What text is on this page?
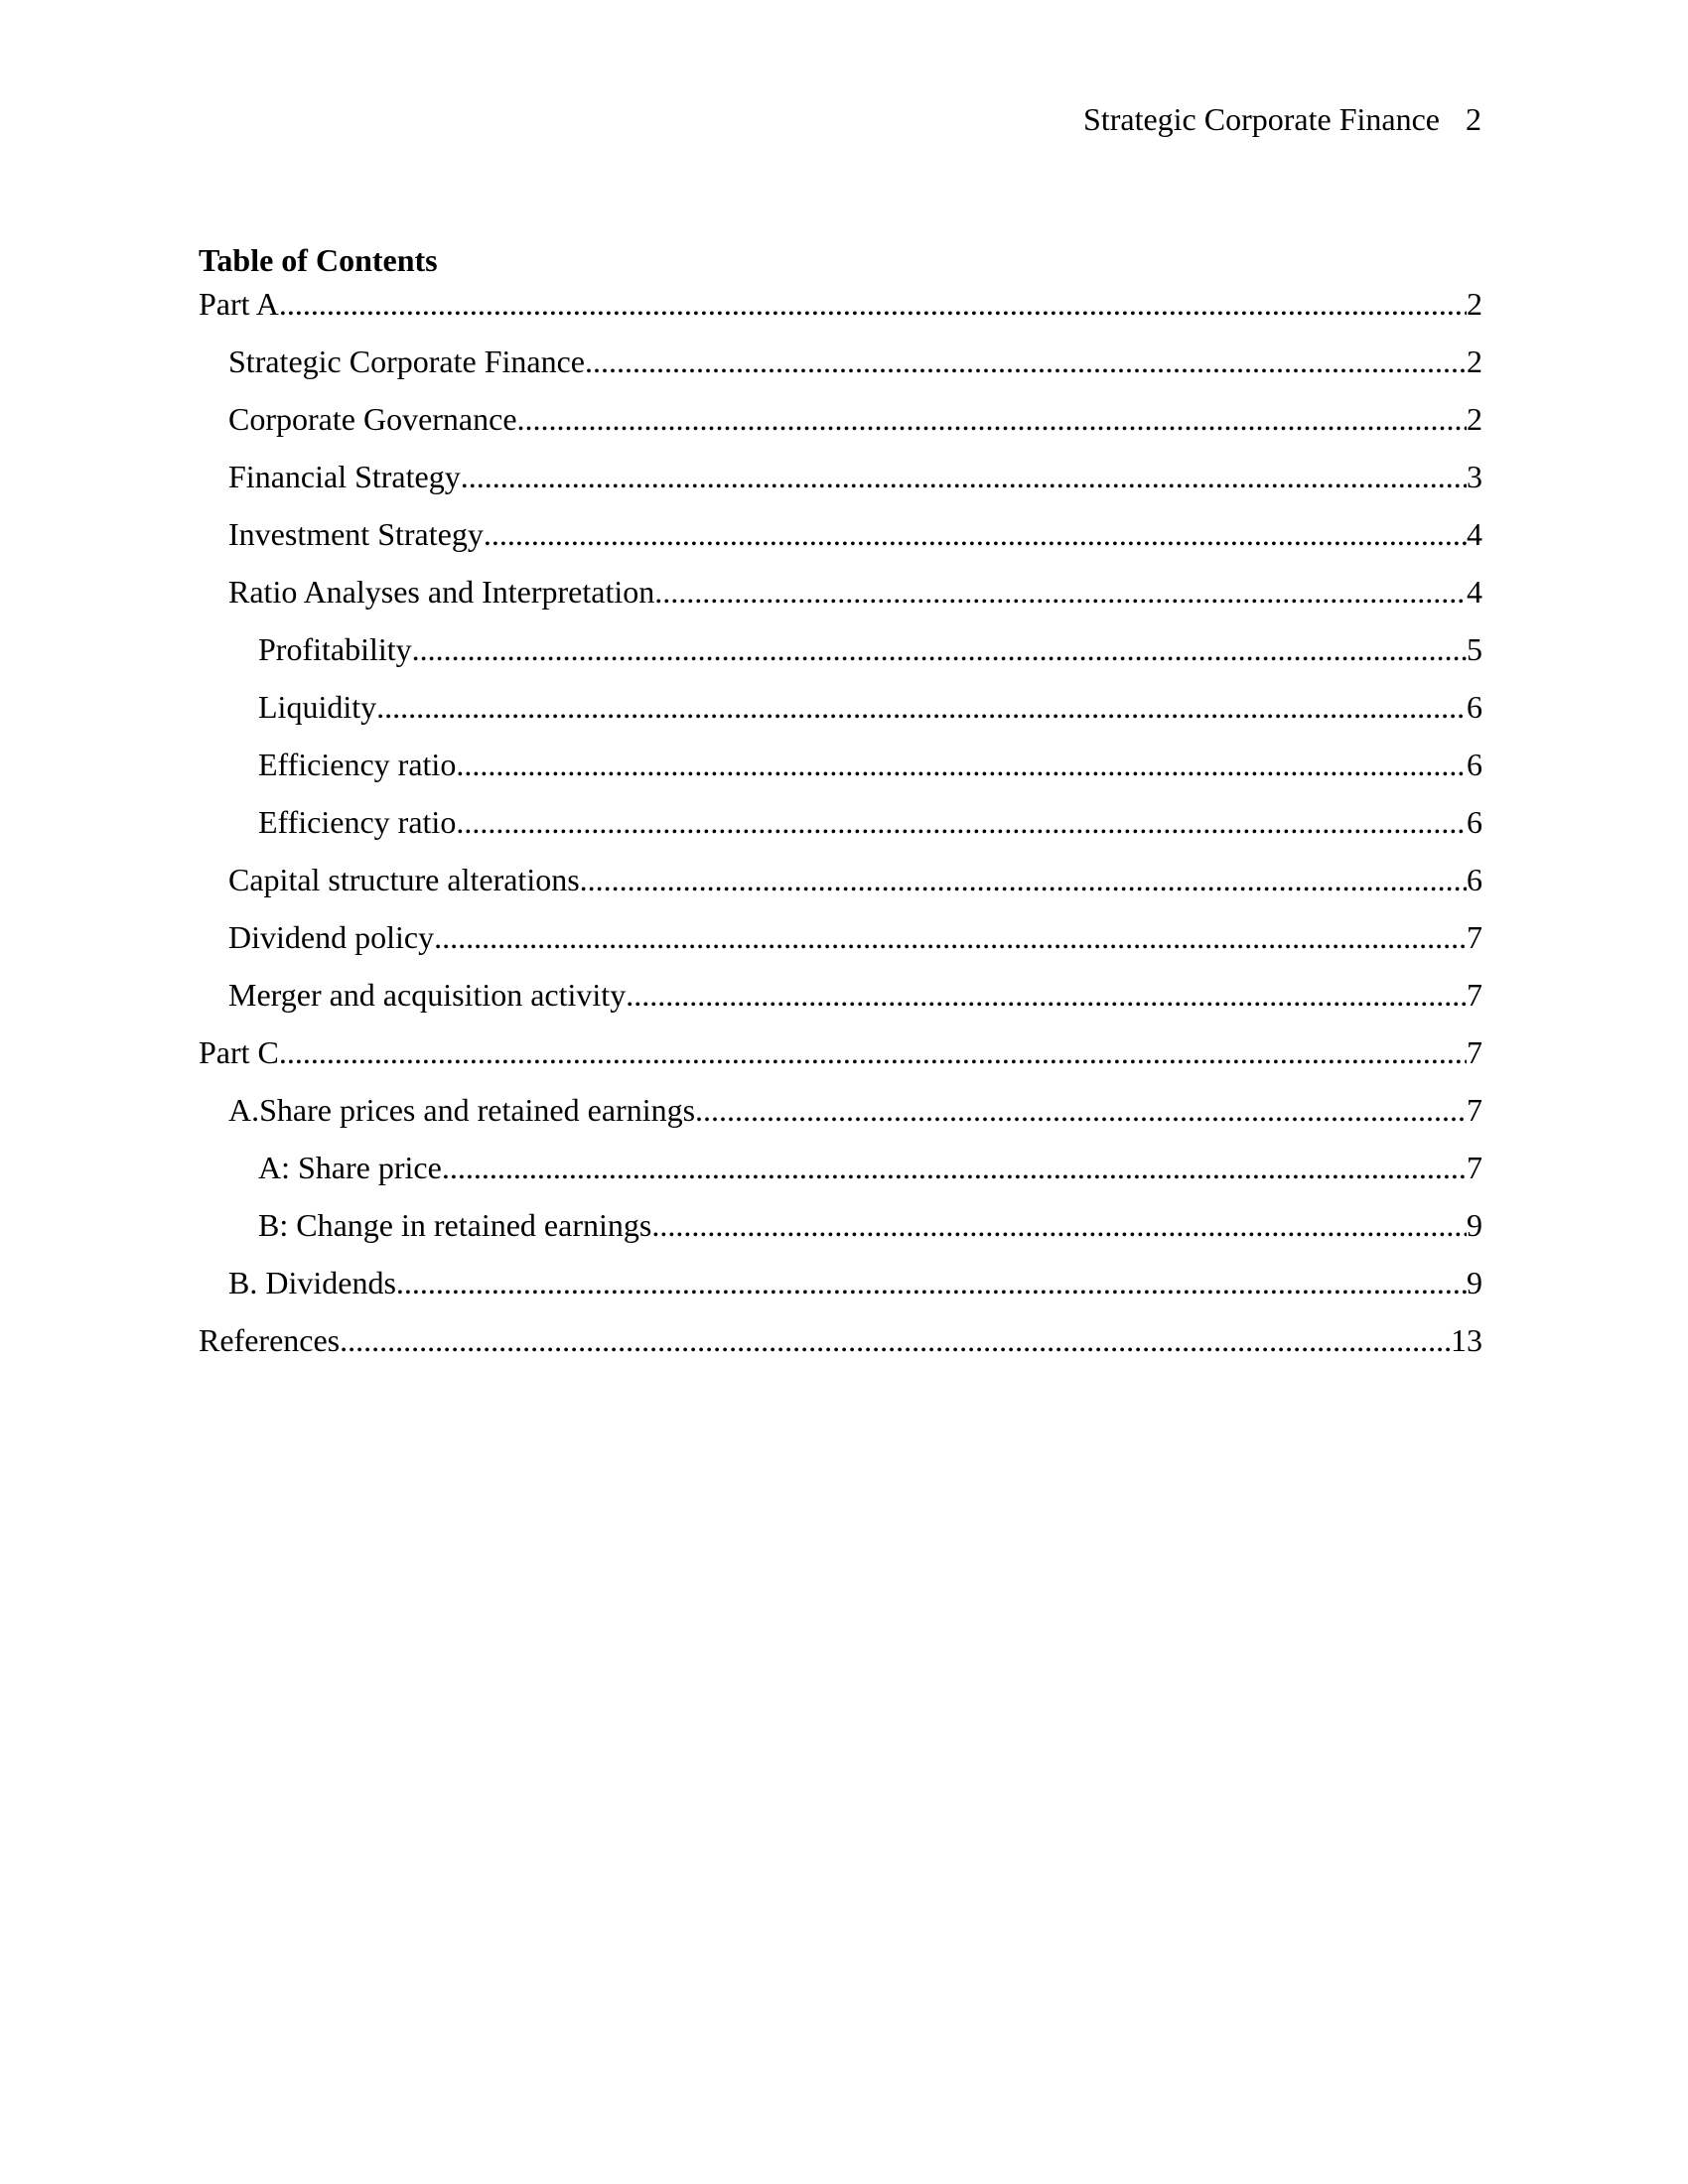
Strategic Corporate Finance 2
Table of Contents
Part A .....	2
Strategic Corporate Finance .....	2
Corporate Governance .....	2
Financial Strategy .....	3
Investment Strategy .....	4
Ratio Analyses and Interpretation .....	4
Profitability .....	5
Liquidity .....	6
Efficiency ratio .....	6
Efficiency ratio .....	6
Capital structure alterations .....	6
Dividend policy .....	7
Merger and acquisition activity .....	7
Part C .....	7
A.Share prices and retained earnings .....	7
A: Share price .....	7
B: Change in retained earnings .....	9
B. Dividends .....	9
References .....	13
